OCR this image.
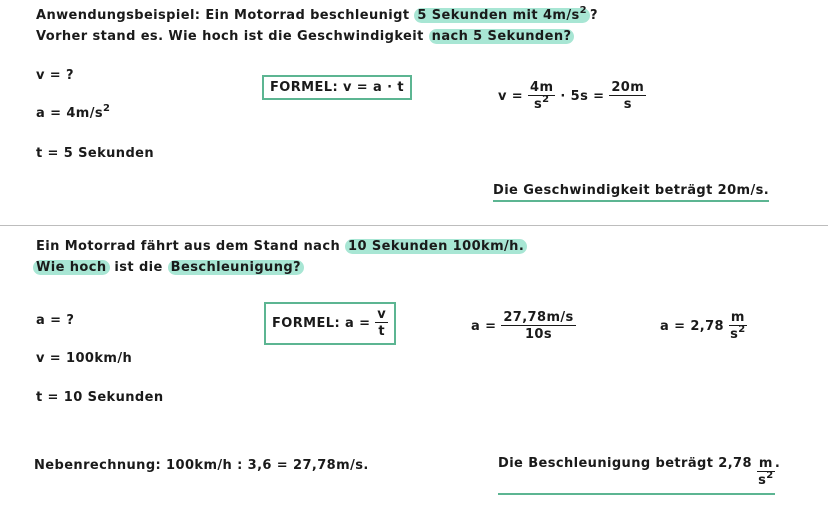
Anwendungsbeispiel: Ein Motorrad beschleunigt 5 Sekunden mit $4m/s^2$ ?
Vorher stand es. Wie hoch ist die Geschwindigkeit nach 5 Sekunden?
v = ?
$a = 4m/s^2$
t = 5 Sekunden
FORMEL: v = a · t
$v = \frac{4m}{s^2} \cdot 5s = \frac{20m}{s}$
Die Geschwindigkeit beträgt 20m/s.
Ein Motorrad fährt aus dem Stand nach 10 Sekunden 100km/h.
Wie hoch ist die Beschleunigung?
a = ?
v = 100km/h
t = 10 Sekunden
FORMEL: $a = \frac{v}{t}$	$a = \frac{27,78m/s}{10s}$	$a = 2,78 \frac{m}{s^2}$
Nebenrechnung: 100km/h : 3,6 = 27,78m/s.	Die Beschleunigung beträgt $2,78 \frac{m}{s^2}$ .
